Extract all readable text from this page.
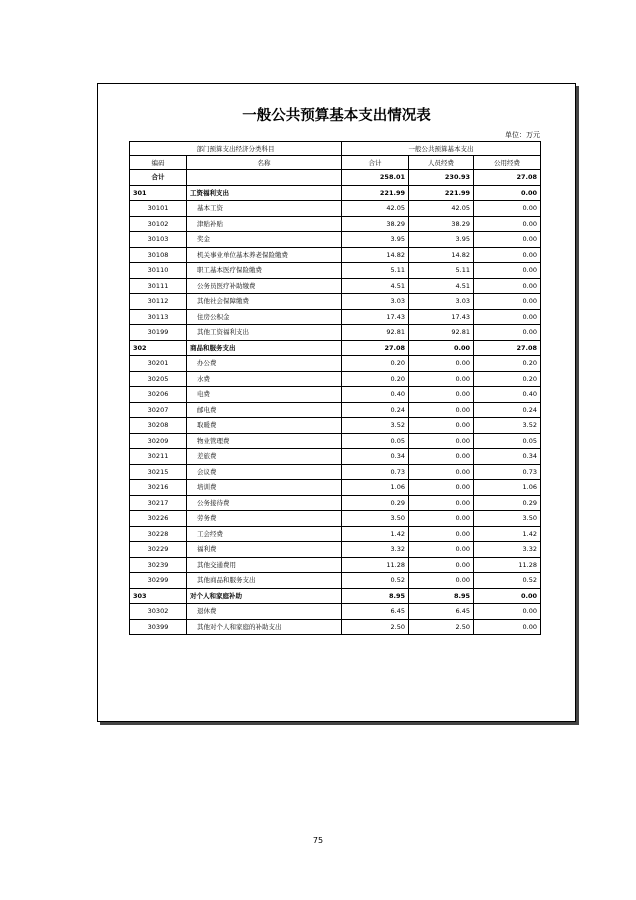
一般公共预算基本支出情况表
单位：万元
部门预算支出经济分类科目		一般公共预算基本支出		
编码	名称	合计	人员经费	公用经费
合计		258.01	230.93	27.08
301	工资福利支出	221.99	221.99	0.00
30101	基本工资	42.05	42.05	0.00
30102	津贴补贴	38.29	38.29	0.00
30103	奖金	3.95	3.95	0.00
30108	机关事业单位基本养老保险缴费	14.82	14.82	0.00
30110	职工基本医疗保险缴费	5.11	5.11	0.00
30111	公务员医疗补助缴费	4.51	4.51	0.00
30112	其他社会保障缴费	3.03	3.03	0.00
30113	住房公积金	17.43	17.43	0.00
30199	其他工资福利支出	92.81	92.81	0.00
302	商品和服务支出	27.08	0.00	27.08
30201	办公费	0.20	0.00	0.20
30205	水费	0.20	0.00	0.20
30206	电费	0.40	0.00	0.40
30207	邮电费	0.24	0.00	0.24
30208	取暖费	3.52	0.00	3.52
30209	物业管理费	0.05	0.00	0.05
30211	差旅费	0.34	0.00	0.34
30215	会议费	0.73	0.00	0.73
30216	培训费	1.06	0.00	1.06
30217	公务接待费	0.29	0.00	0.29
30226	劳务费	3.50	0.00	3.50
30228	工会经费	1.42	0.00	1.42
30229	福利费	3.32	0.00	3.32
30239	其他交通费用	11.28	0.00	11.28
30299	其他商品和服务支出	0.52	0.00	0.52
303	对个人和家庭补助	8.95	8.95	0.00
30302	退休费	6.45	6.45	0.00
30399	其他对个人和家庭的补助支出	2.50	2.50	0.00
75
